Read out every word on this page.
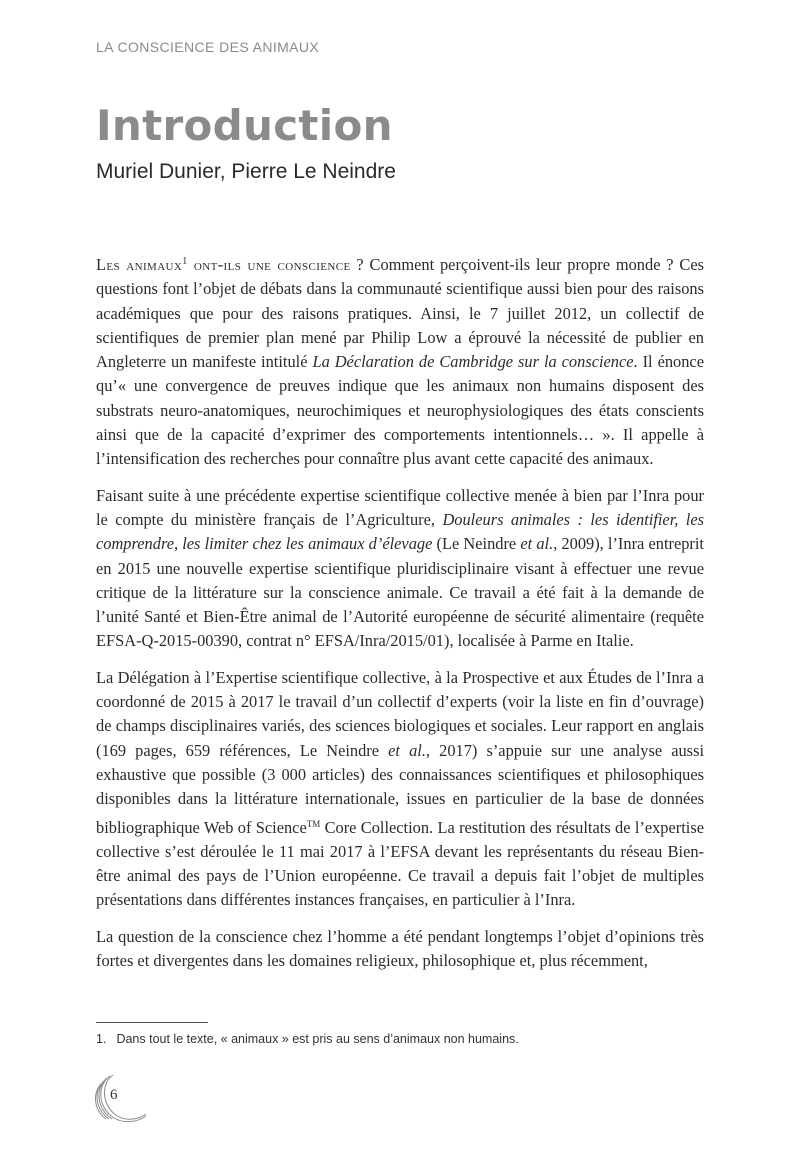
LA CONSCIENCE DES ANIMAUX
Introduction
Muriel Dunier, Pierre Le Neindre

Les animaux$^1$ ont-ils une conscience ? Comment perçoivent-ils leur propre monde ? Ces questions font l’objet de débats dans la communauté scientifique aussi bien pour des raisons académiques que pour des raisons pratiques. Ainsi, le 7 juillet 2012, un collectif de scientifiques de premier plan mené par Philip Low a éprouvé la nécessité de publier en Angleterre un manifeste intitulé La Déclaration de Cambridge sur la conscience. Il énonce qu’« une convergence de preuves indique que les animaux non humains disposent des substrats neuro-anatomiques, neurochimiques et neurophysiologiques des états conscients ainsi que de la capacité d’exprimer des comportements intentionnels… ». Il appelle à l’intensification des recherches pour connaître plus avant cette capacité des animaux.

Faisant suite à une précédente expertise scientifique collective menée à bien par l’Inra pour le compte du ministère français de l’Agriculture, Douleurs animales : les identifier, les comprendre, les limiter chez les animaux d’élevage (Le Neindre et al., 2009), l’Inra entreprit en 2015 une nouvelle expertise scientifique pluridisciplinaire visant à effectuer une revue critique de la littérature sur la conscience animale. Ce travail a été fait à la demande de l’unité Santé et Bien-Être animal de l’Autorité européenne de sécurité alimentaire (requête EFSA-Q-2015-00390, contrat n° EFSA/Inra/2015/01), localisée à Parme en Italie.

La Délégation à l’Expertise scientifique collective, à la Prospective et aux Études de l’Inra a coordonné de 2015 à 2017 le travail d’un collectif d’experts (voir la liste en fin d’ouvrage) de champs disciplinaires variés, des sciences biologiques et sociales. Leur rapport en anglais (169 pages, 659 références, Le Neindre et al., 2017) s’appuie sur une analyse aussi exhaustive que possible (3 000 articles) des connaissances scientifiques et philosophiques disponibles dans la littérature internationale, issues en particulier de la base de données bibliographique Web of Science™ Core Collection. La restitution des résultats de l’expertise collective s’est déroulée le 11 mai 2017 à l’EFSA devant les représentants du réseau Bien-être animal des pays de l’Union européenne. Ce travail a depuis fait l’objet de multiples présentations dans différentes instances françaises, en particulier à l’Inra.

La question de la conscience chez l’homme a été pendant longtemps l’objet d’opinions très fortes et divergentes dans les domaines religieux, philosophique et, plus récemment,

1. Dans tout le texte, « animaux » est pris au sens d’animaux non humains.
6
